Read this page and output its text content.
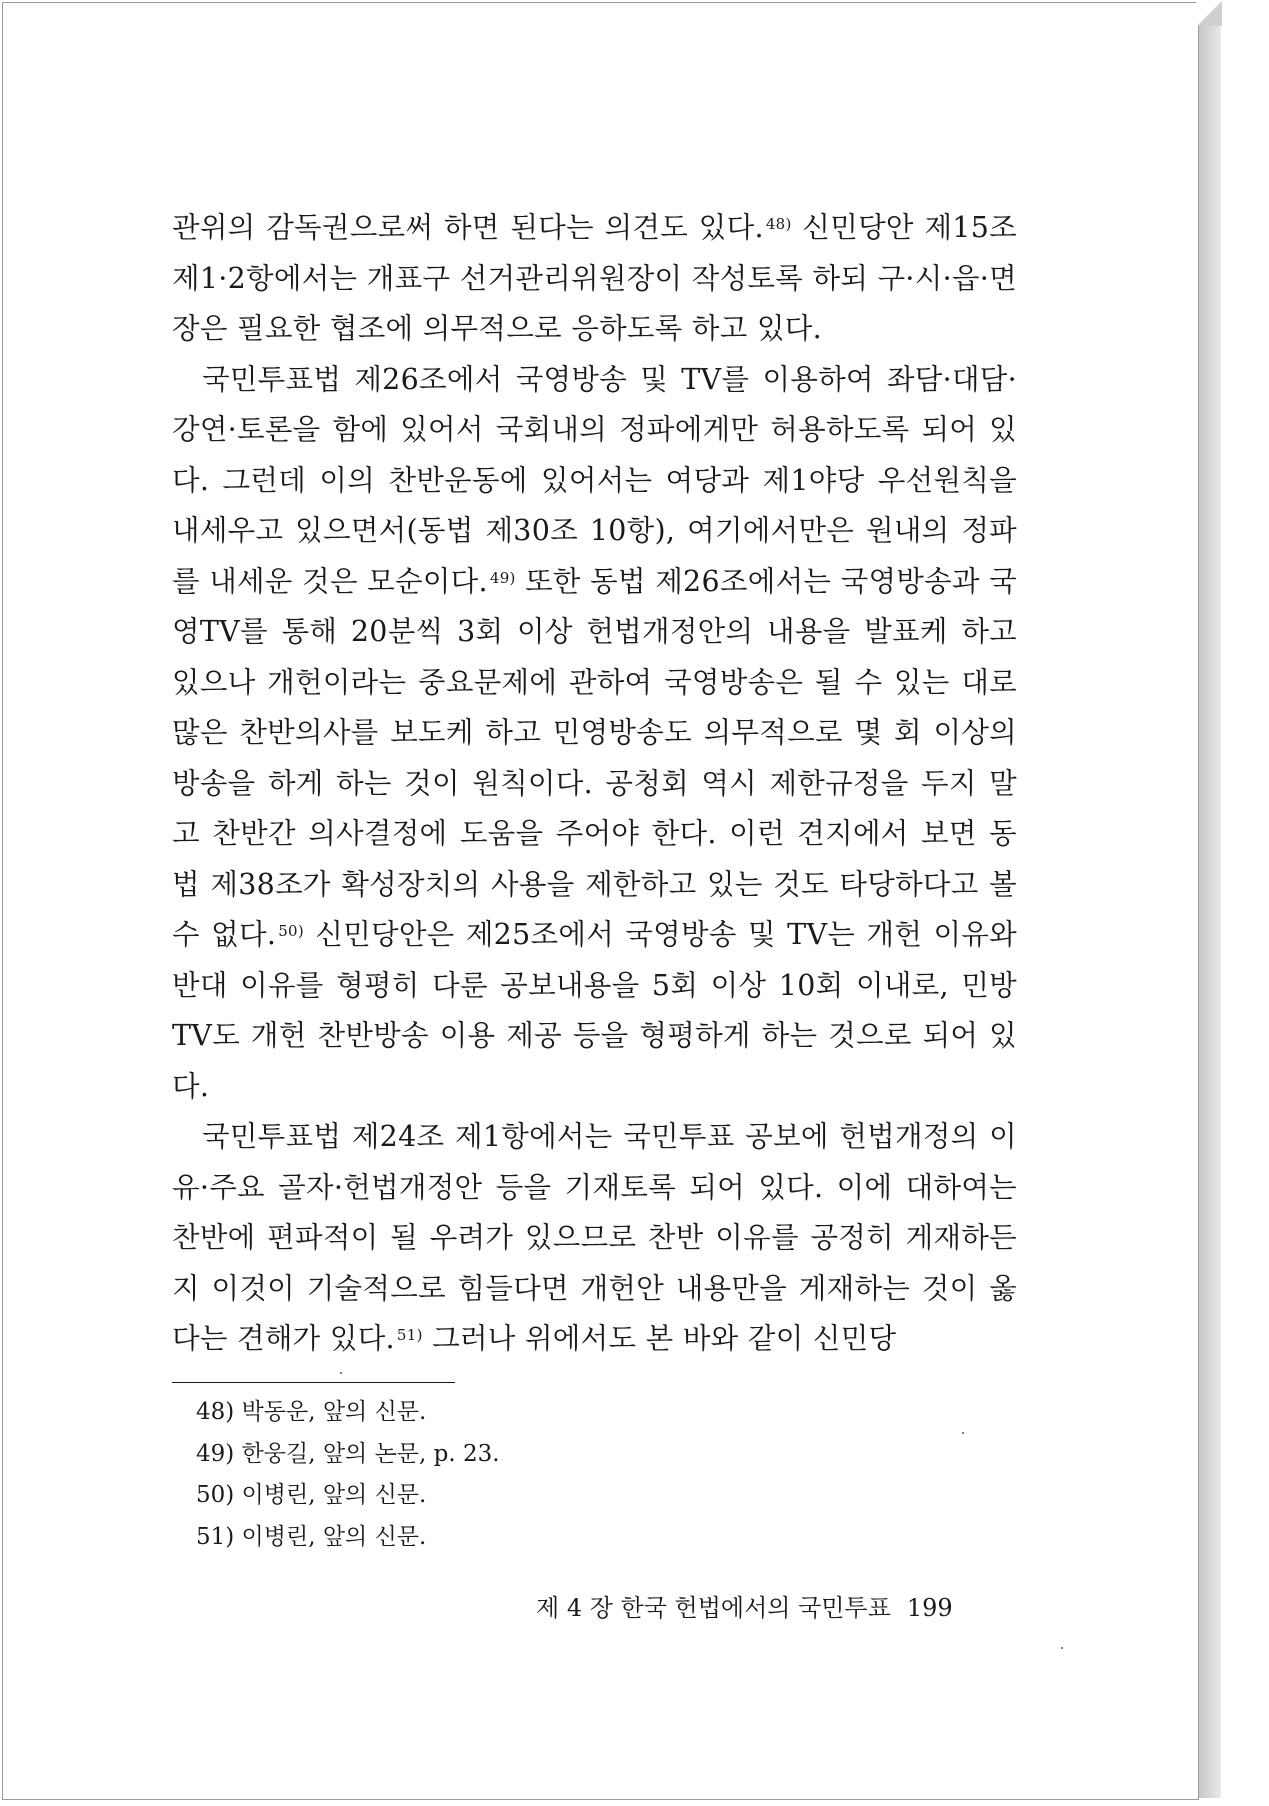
관위의 감독권으로써 하면 된다는 의견도 있다. $^{48)}$ 신민당안 제15조 제1·2항에서는 개표구 선거관리위원장이 작성토록 하되 구·시·읍·면장은 필요한 협조에 의무적으로 응하도록 하고 있다.

국민투표법 제26조에서 국영방송 및 TV를 이용하여 좌담·대담·강연·토론을 함에 있어서 국회내의 정파에게만 허용하도록 되어 있다. 그런데 이의 찬반운동에 있어서는 여당과 제1야당 우선원칙을 내세우고 있으면서(동법 제30조 10항), 여기에서만은 원내의 정파를 내세운 것은 모순이다. $^{49)}$ 또한 동법 제26조에서는 국영방송과 국영TV를 통해 20분씩 3회 이상 헌법개정안의 내용을 발표케 하고 있으나 개헌이라는 중요문제에 관하여 국영방송은 될 수 있는 대로 많은 찬반의사를 보도케 하고 민영방송도 의무적으로 몇 회 이상의 방송을 하게 하는 것이 원칙이다. 공청회 역시 제한규정을 두지 말고 찬반간 의사결정에 도움을 주어야 한다. 이런 견지에서 보면 동법 제38조가 확성장치의 사용을 제한하고 있는 것도 타당하다고 볼 수 없다. $^{50)}$ 신민당안은 제25조에서 국영방송 및 TV는 개헌 이유와 반대 이유를 형평히 다룬 공보내용을 5회 이상 10회 이내로, 민방TV도 개헌 찬반방송 이용 제공 등을 형평하게 하는 것으로 되어 있다.

국민투표법 제24조 제1항에서는 국민투표 공보에 헌법개정의 이유·주요 골자·헌법개정안 등을 기재토록 되어 있다. 이에 대하여는 찬반에 편파적이 될 우려가 있으므로 찬반 이유를 공정히 게재하든지 이것이 기술적으로 힘들다면 개헌안 내용만을 게재하는 것이 옳다는 견해가 있다. $^{51)}$ 그러나 위에서도 본 바와 같이 신민당

48) 박동운, 앞의 신문.

49) 한웅길, 앞의 논문, p. 23.

50) 이병린, 앞의 신문.

51) 이병린, 앞의 신문.

제 4 장 한국 헌법에서의 국민투표 199
